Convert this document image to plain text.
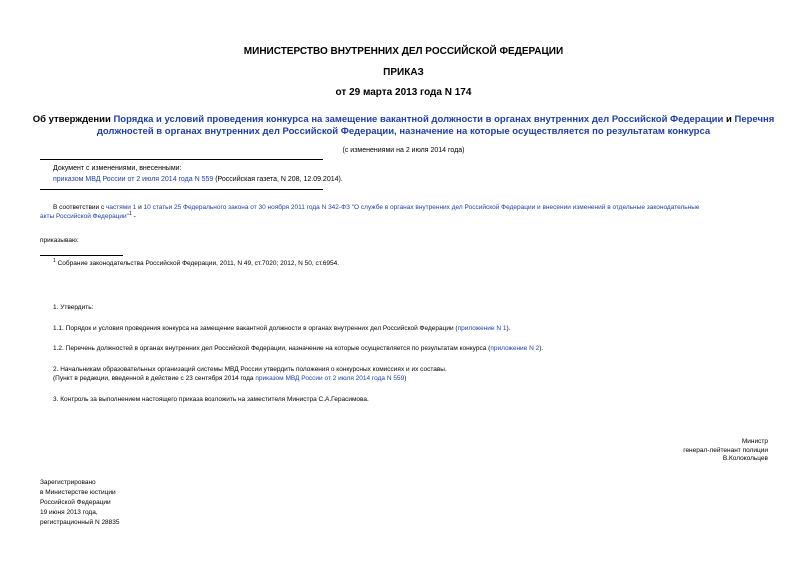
МИНИСТЕРСТВО ВНУТРЕННИХ ДЕЛ РОССИЙСКОЙ ФЕДЕРАЦИИ
ПРИКАЗ
от 29 марта 2013 года N 174
Об утверждении Порядка и условий проведения конкурса на замещение вакантной должности в органах внутренних дел Российской Федерации и Перечня
должностей в органах внутренних дел Российской Федерации, назначение на которые осуществляется по результатам конкурса
(с изменениями на 2 июля 2014 года)
Документ с изменениями, внесенными:
приказом МВД России от 2 июля 2014 года N 559 (Российская газета, N 208, 12.09.2014).
В соответствии с частями 1 и 10 статьи 25 Федерального закона от 30 ноября 2011 года N 342-ФЗ "О службе в органах внутренних дел Российской Федерации и внесении изменений в отдельные законодательные
акты Российской Федерации"$^1$ -
приказываю:
$^1$ Собрание законодательства Российской Федерации, 2011, N 49, ст.7020; 2012, N 50, ст.6954.
1. Утвердить:
1.1. Порядок и условия проведения конкурса на замещение вакантной должности в органах внутренних дел Российской Федерации (приложение N 1).
1.2. Перечень должностей в органах внутренних дел Российской Федерации, назначение на которые осуществляется по результатам конкурса (приложение N 2).
2. Начальникам образовательных организаций системы МВД России утвердить положения о конкурсных комиссиях и их составы.
(Пункт в редакции, введенной в действие с 23 сентября 2014 года приказом МВД России от 2 июля 2014 года N 559)
3. Контроль за выполнением настоящего приказа возложить на заместителя Министра С.А.Герасимова.
Министр
генерал-лейтенант полиции
В.Колокольцев
Зарегистрировано
в Министерстве юстиции
Российской Федерации
19 июня 2013 года,
регистрационный N 28835
